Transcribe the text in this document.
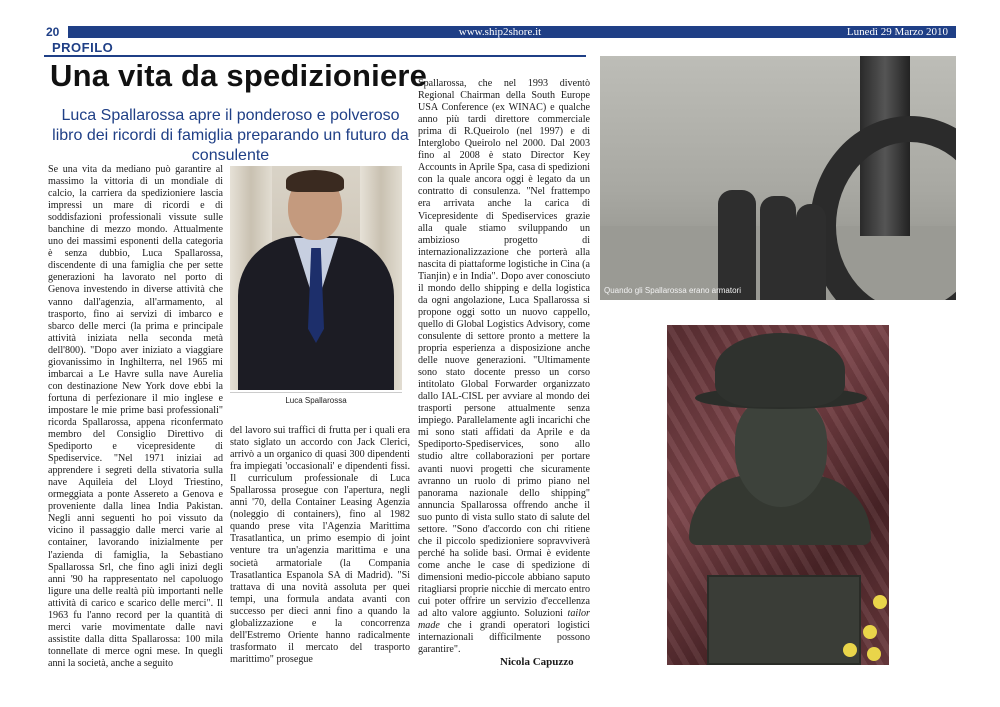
20	www.ship2shore.it	Lunedì 29 Marzo 2010
PROFILO
Una vita da spedizioniere
Luca Spallarossa apre il ponderoso e polveroso libro dei ricordi di famiglia preparando un futuro da consulente

Se una vita da mediano può garantire al massimo la vittoria di un mondiale di calcio, la carriera da spedizioniere lascia impressi un mare di ricordi e di soddisfazioni professionali vissute sulle banchine di mezzo mondo. Attualmente uno dei massimi esponenti della categoria è senza dubbio, Luca Spallarossa, discendente di una famiglia che per sette generazioni ha lavorato nel porto di Genova investendo in diverse attività che vanno dall'agenzia, all'armamento, al trasporto, fino ai servizi di imbarco e sbarco delle merci (la prima e principale attività iniziata nella seconda metà dell'800). "Dopo aver iniziato a viaggiare giovanissimo in Inghilterra, nel 1965 mi imbarcai a Le Havre sulla nave Aurelia con destinazione New York dove ebbi la fortuna di perfezionare il mio inglese e impostare le mie prime basi professionali" ricorda Spallarossa, appena riconfermato membro del Consiglio Direttivo di Spediporto e vicepresidente di Spediservice. "Nel 1971 iniziai ad apprendere i segreti della stivatoria sulla nave Aquileia del Lloyd Triestino, ormeggiata a ponte Assereto a Genova e proveniente dalla linea India Pakistan. Negli anni seguenti ho poi vissuto da vicino il passaggio dalle merci varie al container, lavorando inizialmente per l'azienda di famiglia, la Sebastiano Spallarossa Srl, che fino agli inizi degli anni '90 ha rappresentato nel capoluogo ligure una delle realtà più importanti nelle attività di carico e scarico delle merci". Il 1963 fu l'anno record per la quantità di merci varie movimentate dalle navi assistite dalla ditta Spallarossa: 100 mila tonnellate di merce ogni mese. In quegli anni la società, anche a seguito

Luca Spallarossa

del lavoro sui traffici di frutta per i quali era stato siglato un accordo con Jack Clerici, arrivò a un organico di quasi 300 dipendenti fra impiegati 'occasionali' e dipendenti fissi. Il curriculum professionale di Luca Spallarossa prosegue con l'apertura, negli anni '70, della Container Leasing Agenzia (noleggio di containers), fino al 1982 quando prese vita l'Agenzia Marittima Trasatlantica, un primo esempio di joint venture tra un'agenzia marittima e una società armatoriale (la Compania Trasatlantica Espanola SA di Madrid). "Si trattava di una novità assoluta per quei tempi, una formula andata avanti con successo per dieci anni fino a quando la globalizzazione e la concorrenza dell'Estremo Oriente hanno radicalmente trasformato il mercato del trasporto marittimo" prosegue

Spallarossa, che nel 1993 diventò Regional Chairman della South Europe USA Conference (ex WINAC) e qualche anno più tardi direttore commerciale prima di R.Queirolo (nel 1997) e di Interglobo Queirolo nel 2000. Dal 2003 fino al 2008 è stato Director Key Accounts in Aprile Spa, casa di spedizioni con la quale ancora oggi è legato da un contratto di consulenza. "Nel frattempo era arrivata anche la carica di Vicepresidente di Spediservices grazie alla quale stiamo sviluppando un ambizioso progetto di internazionalizzazione che porterà alla nascita di piattaforme logistiche in Cina (a Tianjin) e in India". Dopo aver conosciuto il mondo dello shipping e della logistica da ogni angolazione, Luca Spallarossa si propone oggi sotto un nuovo cappello, quello di Global Logistics Advisory, come consulente di settore pronto a mettere la propria esperienza a disposizione anche delle nuove generazioni. "Ultimamente sono stato docente presso un corso intitolato Global Forwarder organizzato dallo IAL-CISL per avviare al mondo dei trasporti persone attualmente senza impiego. Parallelamente agli incarichi che mi sono stati affidati da Aprile e da Spediporto-Spediservices, sono allo studio altre collaborazioni per portare avanti nuovi progetti che sicuramente avranno un ruolo di primo piano nel panorama nazionale dello shipping" annuncia Spallarossa offrendo anche il suo punto di vista sullo stato di salute del settore. "Sono d'accordo con chi ritiene che il piccolo spedizioniere sopravviverà perché ha solide basi. Ormai è evidente come anche le case di spedizione di dimensioni medio-piccole abbiano saputo ritagliarsi proprie nicchie di mercato entro cui poter offrire un servizio d'eccellenza ad alto valore aggiunto. Soluzioni tailor made che i grandi operatori logistici internazionali difficilmente possono garantire".

Nicola Capuzzo
Quando gli Spallarossa erano armatori
